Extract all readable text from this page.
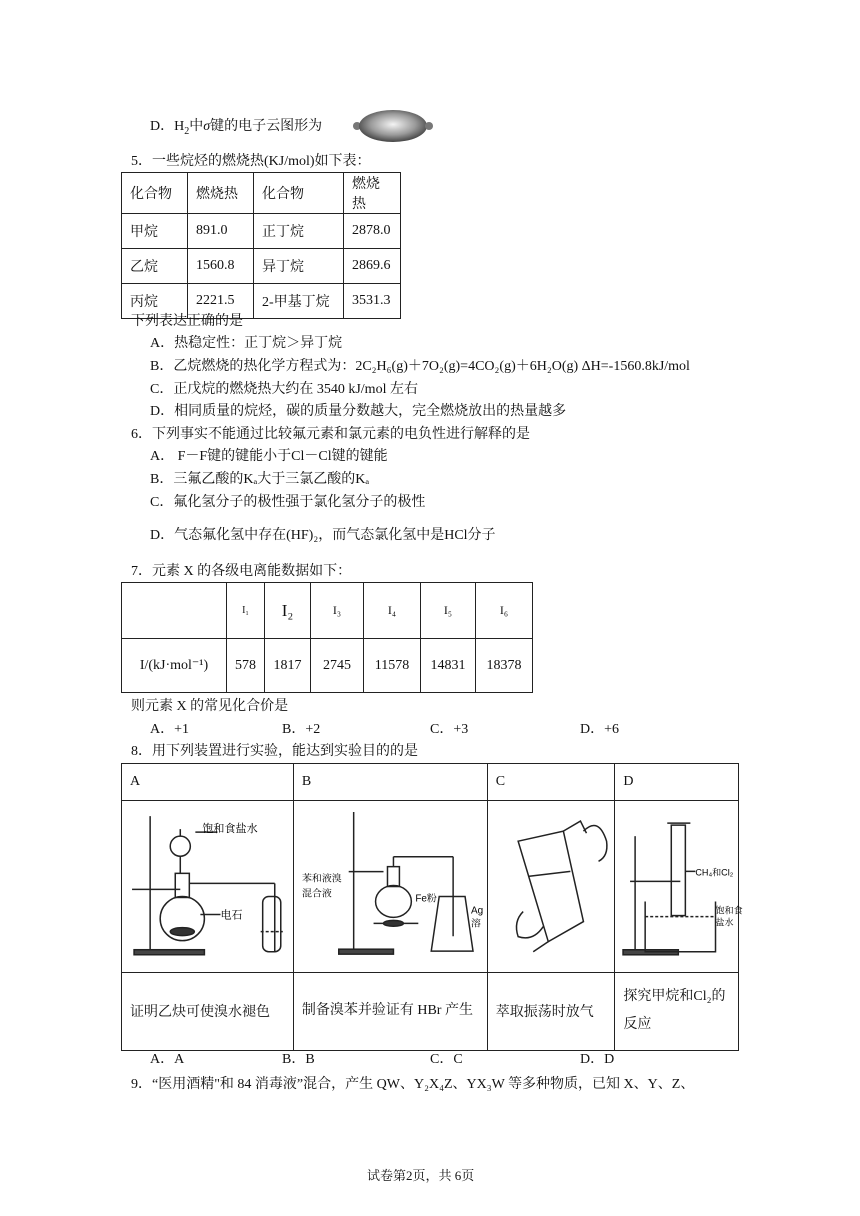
D．$H_2$中σ键的电子云图形为
5．一些烷烃的燃烧热(KJ/mol)如下表：
化合物	燃烧热	化合物	燃烧热
甲烷	891.0	正丁烷	2878.0
乙烷	1560.8	异丁烷	2869.6
丙烷	2221.5	2-甲基丁烷	3531.3
下列表达正确的是
A．热稳定性：正丁烷＞异丁烷
B．乙烷燃烧的热化学方程式为：2C₂H₆(g)＋7O₂(g)=4CO₂(g)＋6H₂O(g) ΔH=-1560.8kJ/mol
C．正戊烷的燃烧热大约在 3540 kJ/mol 左右
D．相同质量的烷烃，碳的质量分数越大，完全燃烧放出的热量越多
6．下列事实不能通过比较氟元素和氯元素的电负性进行解释的是
A． F－F键的键能小于Cl－Cl键的键能
B．三氟乙酸的Kₐ大于三氯乙酸的Kₐ
C．氟化氢分子的极性强于氯化氢分子的极性
D．气态氟化氢中存在(HF)₂，而气态氯化氢中是HCl分子
7．元素 X 的各级电离能数据如下：
	I₁	I₂	I₃	I₄	I₅	I₆
I/(kJ·mol⁻¹)	578	1817	2745	11578	14831	18378
则元素 X 的常见化合价是
A．+1	B．+2	C．+3	D．+6
8．用下列装置进行实验，能达到实验目的的是
A	B	C	D

饱和食盐水
电石	苯和液溴
混合液 Fe粉
Ag
溶		CH₄和Cl₂
饱和食
盐水

证明乙炔可使溴水褪色	制备溴苯并验证有 HBr 产生	萃取振荡时放气	探究甲烷和Cl₂的反应
A．A	B．B	C．C	D．D
9．“医用酒精"和 84 消毒液”混合，产生 QW、Y₂X₄Z、YX₃W 等多种物质，已知 X、Y、Z、
试卷第2页，共 6页
